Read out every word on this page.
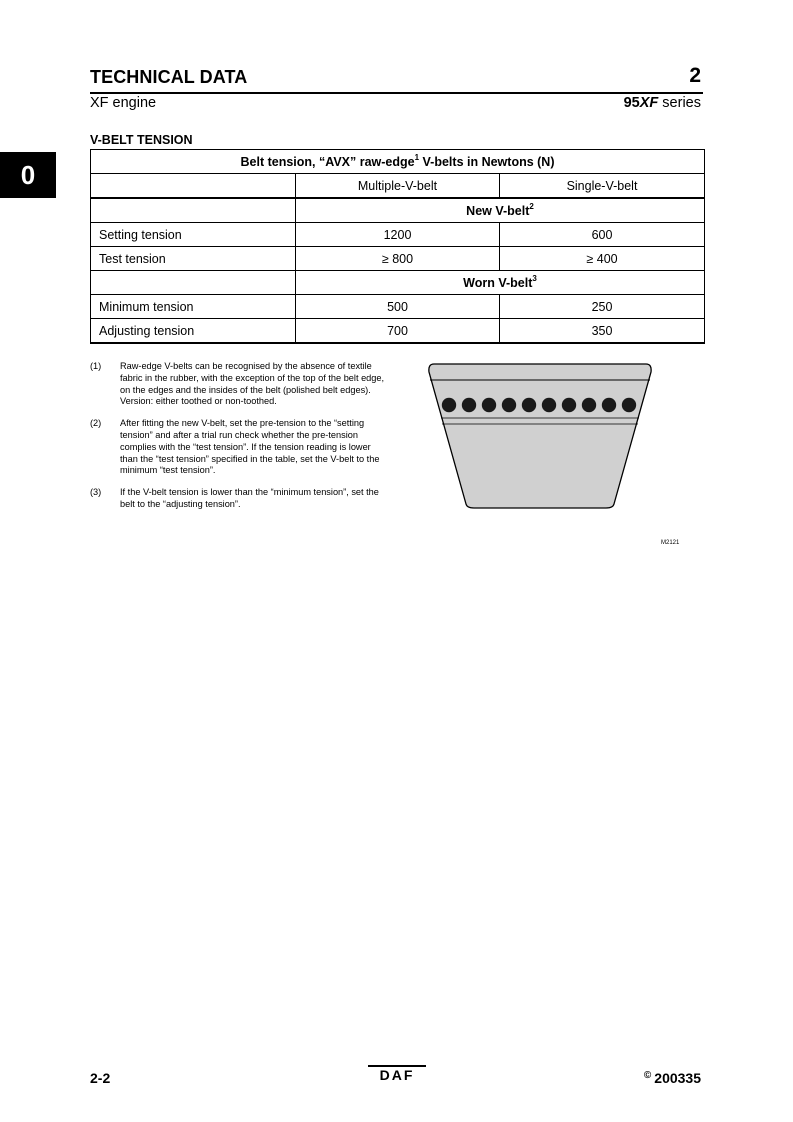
TECHNICAL DATA	2
XF engine	95XF series
0
V-BELT TENSION
Belt tension, “AVX” raw-edge$^1$ V-belts in Newtons (N)		
	Multiple-V-belt	Single-V-belt
	New V-belt$^2$
Setting tension	1200	600
Test tension	≥ 800	≥ 400
	Worn V-belt$^3$
Minimum tension	500	250
Adjusting tension	700	350
(1)	Raw-edge V-belts can be recognised by the absence of textile fabric in the rubber, with the exception of the top of the belt edge, on the edges and the insides of the belt (polished belt edges). Version: either toothed or non-toothed.
(2)	After fitting the new V-belt, set the pre-tension to the “setting tension” and after a trial run check whether the pre-tension complies with the “test tension”. If the tension reading is lower than the “test tension” specified in the table, set the V-belt to the minimum “test tension”.
(3)	If the V-belt tension is lower than the “minimum tension”, set the belt to the “adjusting tension”.
M2121
2-2	DAF	© 200335
